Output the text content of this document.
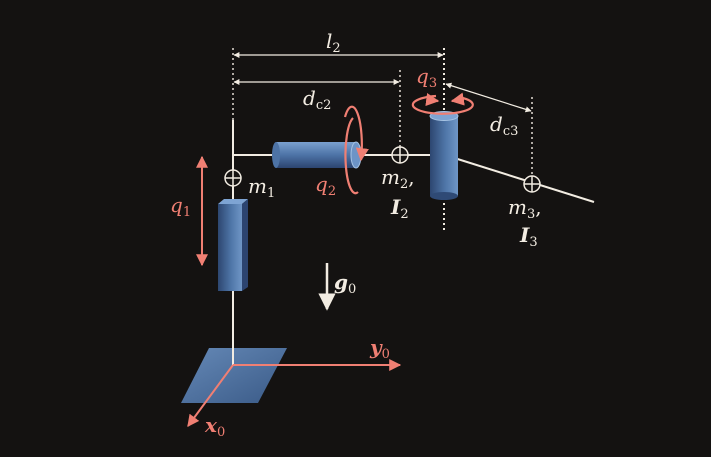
$l_2$
$d_{c2}$
$d_{c3}$
$q_1$
$q_2$
$q_3$
$m_1$
$m_2$,
$I_2$	$m_3$,
$I_3$
$g_0$
$y_0$
$x_0$
